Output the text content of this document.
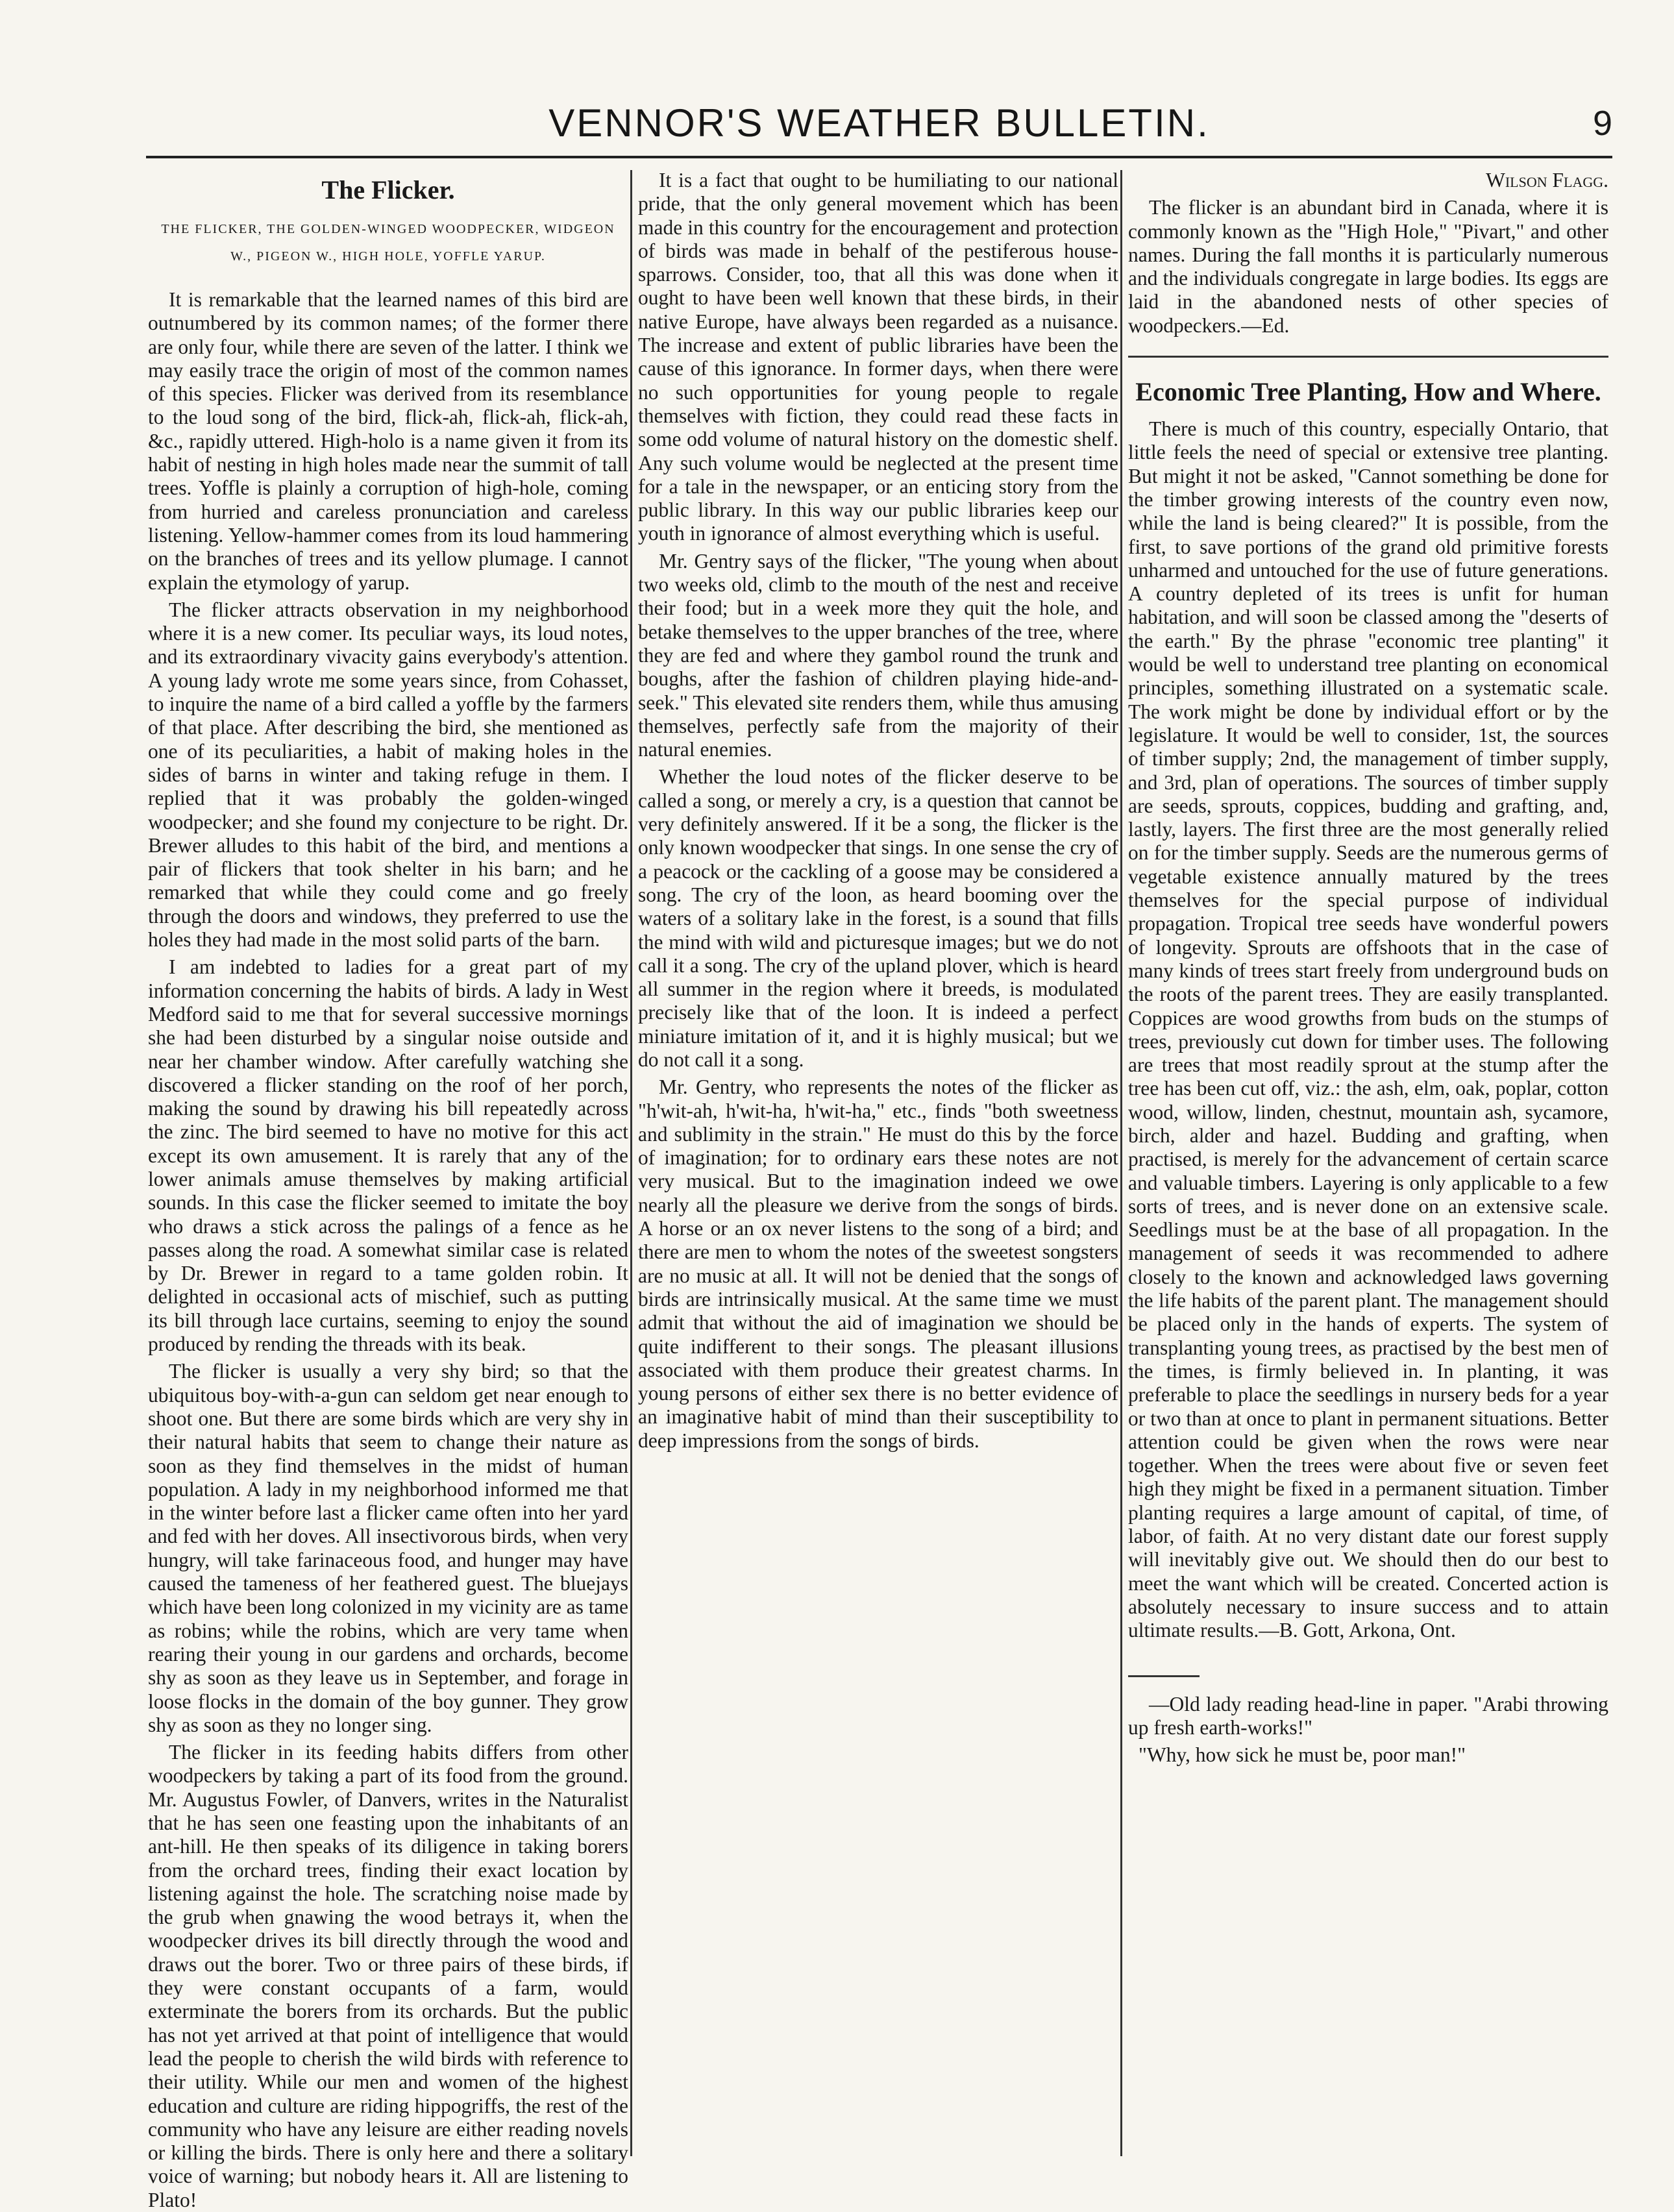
VENNOR'S WEATHER BULLETIN.	9
The Flicker.
THE FLICKER, THE GOLDEN-WINGED WOODPECKER, WIDGEON W., PIGEON W., HIGH HOLE, YOFFLE YARUP.

It is remarkable that the learned names of this bird are outnumbered by its common names; of the former there are only four, while there are seven of the latter. I think we may easily trace the origin of most of the common names of this species. Flicker was derived from its resemblance to the loud song of the bird, flick-ah, flick-ah, flick-ah, &c., rapidly uttered. High-holo is a name given it from its habit of nesting in high holes made near the summit of tall trees. Yoffle is plainly a corruption of high-hole, coming from hurried and careless pronunciation and careless listening. Yellow-hammer comes from its loud hammering on the branches of trees and its yellow plumage. I cannot explain the etymology of yarup.

The flicker attracts observation in my neighborhood where it is a new comer. Its peculiar ways, its loud notes, and its extraordinary vivacity gains everybody's attention. A young lady wrote me some years since, from Cohasset, to inquire the name of a bird called a yoffle by the farmers of that place. After describing the bird, she mentioned as one of its peculiarities, a habit of making holes in the sides of barns in winter and taking refuge in them. I replied that it was probably the golden-winged woodpecker; and she found my conjecture to be right. Dr. Brewer alludes to this habit of the bird, and mentions a pair of flickers that took shelter in his barn; and he remarked that while they could come and go freely through the doors and windows, they preferred to use the holes they had made in the most solid parts of the barn.

I am indebted to ladies for a great part of my information concerning the habits of birds. A lady in West Medford said to me that for several successive mornings she had been disturbed by a singular noise outside and near her chamber window. After carefully watching she discovered a flicker standing on the roof of her porch, making the sound by drawing his bill repeatedly across the zinc. The bird seemed to have no motive for this act except its own amusement. It is rarely that any of the lower animals amuse themselves by making artificial sounds. In this case the flicker seemed to imitate the boy who draws a stick across the palings of a fence as he passes along the road. A somewhat similar case is related by Dr. Brewer in regard to a tame golden robin. It delighted in occasional acts of mischief, such as putting its bill through lace curtains, seeming to enjoy the sound produced by rending the threads with its beak.

The flicker is usually a very shy bird; so that the ubiquitous boy-with-a-gun can seldom get near enough to shoot one. But there are some birds which are very shy in their natural habits that seem to change their nature as soon as they find themselves in the midst of human population. A lady in my neighborhood informed me that in the winter before last a flicker came often into her yard and fed with her doves. All insectivorous birds, when very hungry, will take farinaceous food, and hunger may have caused the tameness of her feathered guest. The bluejays which have been long colonized in my vicinity are as tame as robins; while the robins, which are very tame when rearing their young in our gardens and orchards, become shy as soon as they leave us in September, and forage in loose flocks in the domain of the boy gunner. They grow shy as soon as they no longer sing.

The flicker in its feeding habits differs from other woodpeckers by taking a part of its food from the ground. Mr. Augustus Fowler, of Danvers, writes in the Naturalist that he has seen one feasting upon the inhabitants of an ant-hill. He then speaks of its diligence in taking borers from the orchard trees, finding their exact location by listening against the hole. The scratching noise made by the grub when gnawing the wood betrays it, when the woodpecker drives its bill directly through the wood and draws out the borer. Two or three pairs of these birds, if they were constant occupants of a farm, would exterminate the borers from its orchards. But the public has not yet arrived at that point of intelligence that would lead the people to cherish the wild birds with reference to their utility. While our men and women of the highest education and culture are riding hippogriffs, the rest of the community who have any leisure are either reading novels or killing the birds. There is only here and there a solitary voice of warning; but nobody hears it. All are listening to Plato!

It is a fact that ought to be humiliating to our national pride, that the only general movement which has been made in this country for the encouragement and protection of birds was made in behalf of the pestiferous house-sparrows. Consider, too, that all this was done when it ought to have been well known that these birds, in their native Europe, have always been regarded as a nuisance. The increase and extent of public libraries have been the cause of this ignorance. In former days, when there were no such opportunities for young people to regale themselves with fiction, they could read these facts in some odd volume of natural history on the domestic shelf. Any such volume would be neglected at the present time for a tale in the newspaper, or an enticing story from the public library. In this way our public libraries keep our youth in ignorance of almost everything which is useful.

Mr. Gentry says of the flicker, "The young when about two weeks old, climb to the mouth of the nest and receive their food; but in a week more they quit the hole, and betake themselves to the upper branches of the tree, where they are fed and where they gambol round the trunk and boughs, after the fashion of children playing hide-and-seek." This elevated site renders them, while thus amusing themselves, perfectly safe from the majority of their natural enemies.

Whether the loud notes of the flicker deserve to be called a song, or merely a cry, is a question that cannot be very definitely answered. If it be a song, the flicker is the only known woodpecker that sings. In one sense the cry of a peacock or the cackling of a goose may be considered a song. The cry of the loon, as heard booming over the waters of a solitary lake in the forest, is a sound that fills the mind with wild and picturesque images; but we do not call it a song. The cry of the upland plover, which is heard all summer in the region where it breeds, is modulated precisely like that of the loon. It is indeed a perfect miniature imitation of it, and it is highly musical; but we do not call it a song.

Mr. Gentry, who represents the notes of the flicker as "h'wit-ah, h'wit-ha, h'wit-ha," etc., finds "both sweetness and sublimity in the strain." He must do this by the force of imagination; for to ordinary ears these notes are not very musical. But to the imagination indeed we owe nearly all the pleasure we derive from the songs of birds. A horse or an ox never listens to the song of a bird; and there are men to whom the notes of the sweetest songsters are no music at all. It will not be denied that the songs of birds are intrinsically musical. At the same time we must admit that without the aid of imagination we should be quite indifferent to their songs. The pleasant illusions associated with them produce their greatest charms. In young persons of either sex there is no better evidence of an imaginative habit of mind than their susceptibility to deep impressions from the songs of birds.

Wilson Flagg.

The flicker is an abundant bird in Canada, where it is commonly known as the "High Hole," "Pivart," and other names. During the fall months it is particularly numerous and the individuals congregate in large bodies. Its eggs are laid in the abandoned nests of other species of woodpeckers.—Ed.

Economic Tree Planting, How and Where.

There is much of this country, especially Ontario, that little feels the need of special or extensive tree planting. But might it not be asked, "Cannot something be done for the timber growing interests of the country even now, while the land is being cleared?" It is possible, from the first, to save portions of the grand old primitive forests unharmed and untouched for the use of future generations. A country depleted of its trees is unfit for human habitation, and will soon be classed among the "deserts of the earth." By the phrase "economic tree planting" it would be well to understand tree planting on economical principles, something illustrated on a systematic scale. The work might be done by individual effort or by the legislature. It would be well to consider, 1st, the sources of timber supply; 2nd, the management of timber supply, and 3rd, plan of operations. The sources of timber supply are seeds, sprouts, coppices, budding and grafting, and, lastly, layers. The first three are the most generally relied on for the timber supply. Seeds are the numerous germs of vegetable existence annually matured by the trees themselves for the special purpose of individual propagation. Tropical tree seeds have wonderful powers of longevity. Sprouts are offshoots that in the case of many kinds of trees start freely from underground buds on the roots of the parent trees. They are easily transplanted. Coppices are wood growths from buds on the stumps of trees, previously cut down for timber uses. The following are trees that most readily sprout at the stump after the tree has been cut off, viz.: the ash, elm, oak, poplar, cotton wood, willow, linden, chestnut, mountain ash, sycamore, birch, alder and hazel. Budding and grafting, when practised, is merely for the advancement of certain scarce and valuable timbers. Layering is only applicable to a few sorts of trees, and is never done on an extensive scale. Seedlings must be at the base of all propagation. In the management of seeds it was recommended to adhere closely to the known and acknowledged laws governing the life habits of the parent plant. The management should be placed only in the hands of experts. The system of transplanting young trees, as practised by the best men of the times, is firmly believed in. In planting, it was preferable to place the seedlings in nursery beds for a year or two than at once to plant in permanent situations. Better attention could be given when the rows were near together. When the trees were about five or seven feet high they might be fixed in a permanent situation. Timber planting requires a large amount of capital, of time, of labor, of faith. At no very distant date our forest supply will inevitably give out. We should then do our best to meet the want which will be created. Concerted action is absolutely necessary to insure success and to attain ultimate results.—B. Gott, Arkona, Ont.

—Old lady reading head-line in paper. "Arabi throwing up fresh earth-works!"

"Why, how sick he must be, poor man!"
